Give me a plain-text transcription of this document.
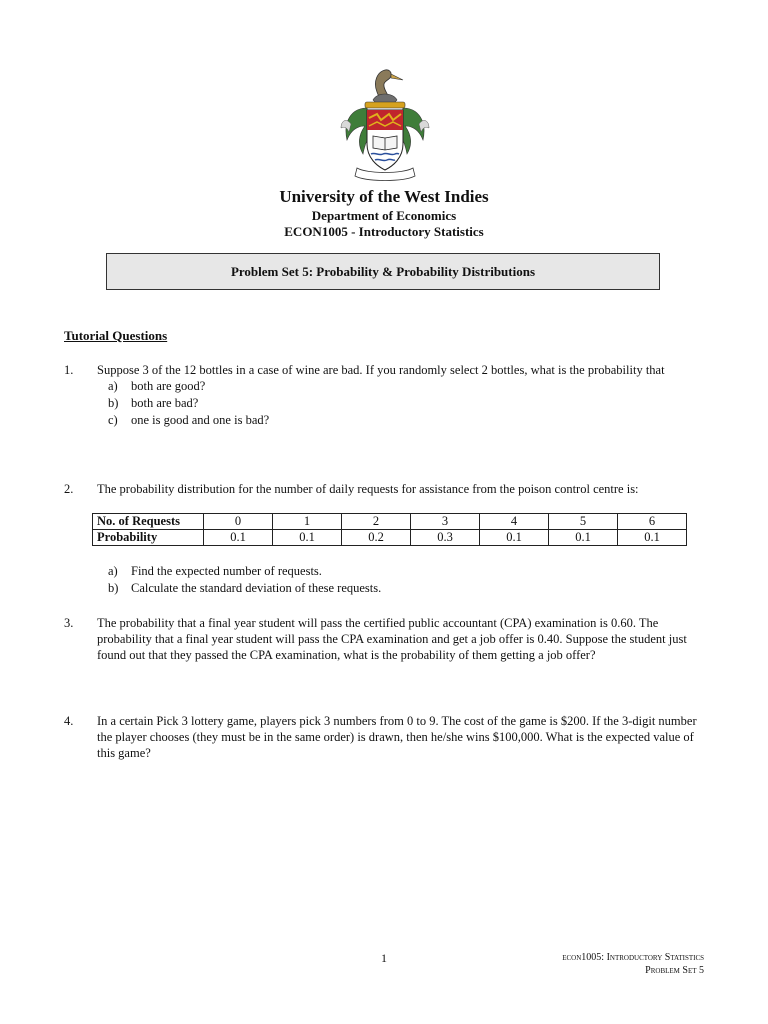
University of the West Indies
Department of Economics
ECON1005 - Introductory Statistics
Problem Set 5: Probability & Probability Distributions
Tutorial Questions
1. Suppose 3 of the 12 bottles in a case of wine are bad. If you randomly select 2 bottles, what is the probability that
a) both are good?
b) both are bad?
c) one is good and one is bad?
2. The probability distribution for the number of daily requests for assistance from the poison control centre is:
No. of Requests	0	1	2	3	4	5	6
Probability	0.1	0.1	0.2	0.3	0.1	0.1	0.1
a) Find the expected number of requests.
b) Calculate the standard deviation of these requests.
3. The probability that a final year student will pass the certified public accountant (CPA) examination is 0.60. The probability that a final year student will pass the CPA examination and get a job offer is 0.40. Suppose the student just found out that they passed the CPA examination, what is the probability of them getting a job offer?
4. In a certain Pick 3 lottery game, players pick 3 numbers from 0 to 9. The cost of the game is $200. If the 3-digit number the player chooses (they must be in the same order) is drawn, then he/she wins $100,000. What is the expected value of this game?
1	econ1005: Introductory Statistics
Problem Set 5
